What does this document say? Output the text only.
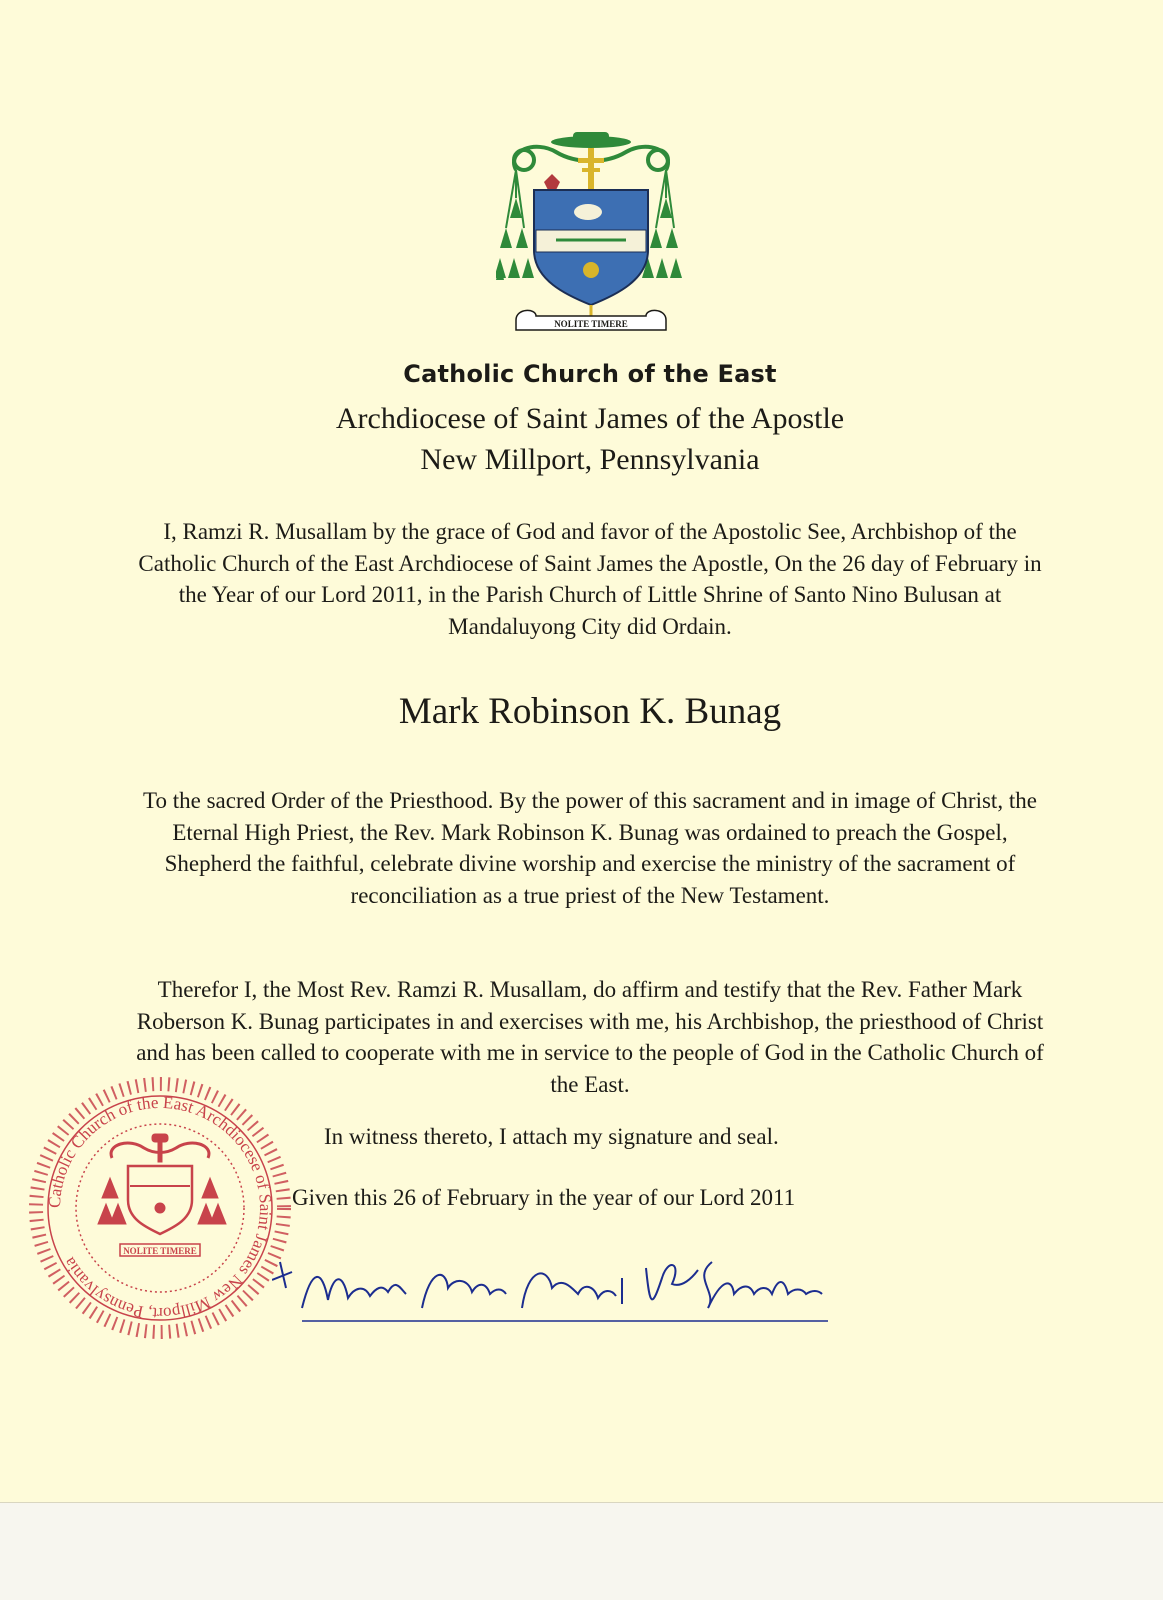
NOLITE TIMERE
Catholic Church of the East
Archdiocese of Saint James of the Apostle
New Millport, Pennsylvania
I, Ramzi R. Musallam by the grace of God and favor of the Apostolic See, Archbishop of the Catholic Church of the East Archdiocese of Saint James the Apostle, On the 26 day of February in the Year of our Lord 2011, in the Parish Church of Little Shrine of Santo Nino Bulusan at Mandaluyong City did Ordain.
Mark Robinson K. Bunag
To the sacred Order of the Priesthood. By the power of this sacrament and in image of Christ, the Eternal High Priest, the Rev. Mark Robinson K. Bunag was ordained to preach the Gospel, Shepherd the faithful, celebrate divine worship and exercise the ministry of the sacrament of reconciliation as a true priest of the New Testament.
Therefor I, the Most Rev. Ramzi R. Musallam, do affirm and testify that the Rev. Father Mark Roberson K. Bunag participates in and exercises with me, his Archbishop, the priesthood of Christ and has been called to cooperate with me in service to the people of God in the Catholic Church of the East.
In witness thereto, I attach my signature and seal.
Given this 26 of February in the year of our Lord 2011
Catholic Church of the East Archdiocese of Saint James New Millport, Pennsylvania
NOLITE TIMERE
